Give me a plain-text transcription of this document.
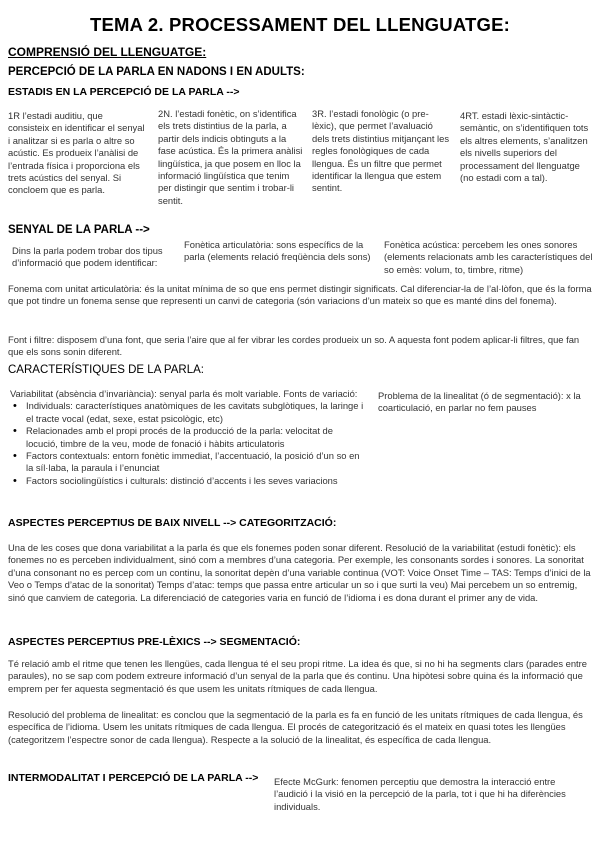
TEMA 2. PROCESSAMENT DEL LLENGUATGE:
COMPRENSIÓ DEL LLENGUATGE:
PERCEPCIÓ DE LA PARLA EN NADONS I EN ADULTS:
ESTADIS EN LA PERCEPCIÓ DE LA PARLA -->
1R l’estadi auditiu, que consisteix en identificar el senyal i analitzar si es parla o altre so acústic. Es produeix l’anàlisi de l’entrada física i proporciona els trets acústics del senyal. Si concloem que es parla.
2N. l’estadi fonètic, on s’identifica els trets distintius de la parla, a partir dels indicis obtinguts a la fase acústica. És la primera anàlisi lingüística, ja que posem en lloc la informació lingüística que tenim per distingir que sentim i trobar-li sentit.
3R. l’estadi fonològic (o pre-lèxic), que permet l’avaluació dels trets distintius mitjançant les regles fonològiques de cada llengua. És un filtre que permet identificar la llengua que estem sentint.
4RT. estadi lèxic-sintàctic-semàntic, on s’identifiquen tots els altres elements, s’analitzen els nivells superiors del processament del llenguatge (no estadi com a tal).
SENYAL DE LA PARLA -->
Dins la parla podem trobar dos tipus d’informació que podem identificar:
Fonètica articulatòria: sons específics de la parla (elements relació freqüència dels sons)
Fonètica acústica: percebem les ones sonores (elements relacionats amb les característiques del so emès: volum, to, timbre, ritme)
Fonema com unitat articulatòria: és la unitat mínima de so que ens permet distingir significats. Cal diferenciar-la de l’al·lòfon, que és la forma que pot tindre un fonema sense que representi un canvi de categoria (són variacions d’un mateix so que es manté dins del fonema).
Font i filtre: disposem d’una font, que seria l’aire que al fer vibrar les cordes produeix un so. A aquesta font podem aplicar-li filtres, que fan que els sons sonin diferent.
CARACTERÍSTIQUES DE LA PARLA:
Variabilitat (absència d’invariància): senyal parla és molt variable. Fonts de variació:
• Individuals: característiques anatòmiques de les cavitats subglòtiques, la laringe i el tracte vocal (edat, sexe, estat psicològic, etc)
• Relacionades amb el propi procés de la producció de la parla: velocitat de locució, timbre de la veu, mode de fonació i hàbits articulatoris
• Factors contextuals: entorn fonètic immediat, l’accentuació, la posició d’un so en la síl·laba, la paraula i l’enunciat
• Factors sociolingüístics i culturals: distinció d’accents i les seves variacions
Problema de la linealitat (ó de segmentació): x la coarticulació, en parlar no fem pauses
ASPECTES PERCEPTIUS DE BAIX NIVELL --> CATEGORITZACIÓ:
Una de les coses que dona variabilitat a la parla és que els fonemes poden sonar diferent. Resolució de la variabilitat (estudi fonètic): els fonemes no es perceben individualment, sinó com a membres d’una categoria. Per exemple, les consonants sordes i sonores. La sonoritat d’una consonant no es percep com un continu, la sonoritat depèn d’una variable continua (VOT: Voice Onset Time – TAS: Temps d’inici de la Veo o Temps d’atac de la sonoritat) Temps d’atac: temps que passa entre articular un so i que surti la veu) Mai percebem un so entremig, sinó que canviem de categoria. La diferenciació de categories varia en funció de l’idioma i es dona durant el primer any de vida.
ASPECTES PERCEPTIUS PRE-LÈXICS --> SEGMENTACIÓ:
Té relació amb el ritme que tenen les llengües, cada llengua té el seu propi ritme. La idea és que, si no hi ha segments clars (parades entre paraules), no se sap com podem extreure informació d’un senyal de la parla que és continu. Una hipòtesi sobre quina és la informació que emprem per fer aquesta segmentació és que usem les unitats rítmiques de cada llengua.
Resolució del problema de linealitat: es conclou que la segmentació de la parla es fa en funció de les unitats rítmiques de cada llengua, és específica de l’idioma. Usem les unitats rítmiques de cada llengua. El procés de categorització és el mateix en quasi totes les llengües (categoritzem l’espectre sonor de cada llengua). Respecte a la solució de la linealitat, és específica de cada llengua.
INTERMODALITAT I PERCEPCIÓ DE LA PARLA --> Efecte McGurk: fenomen perceptiu que demostra la interacció entre l’audició i la visió en la percepció de la parla, tot i que hi ha diferències individuals.
